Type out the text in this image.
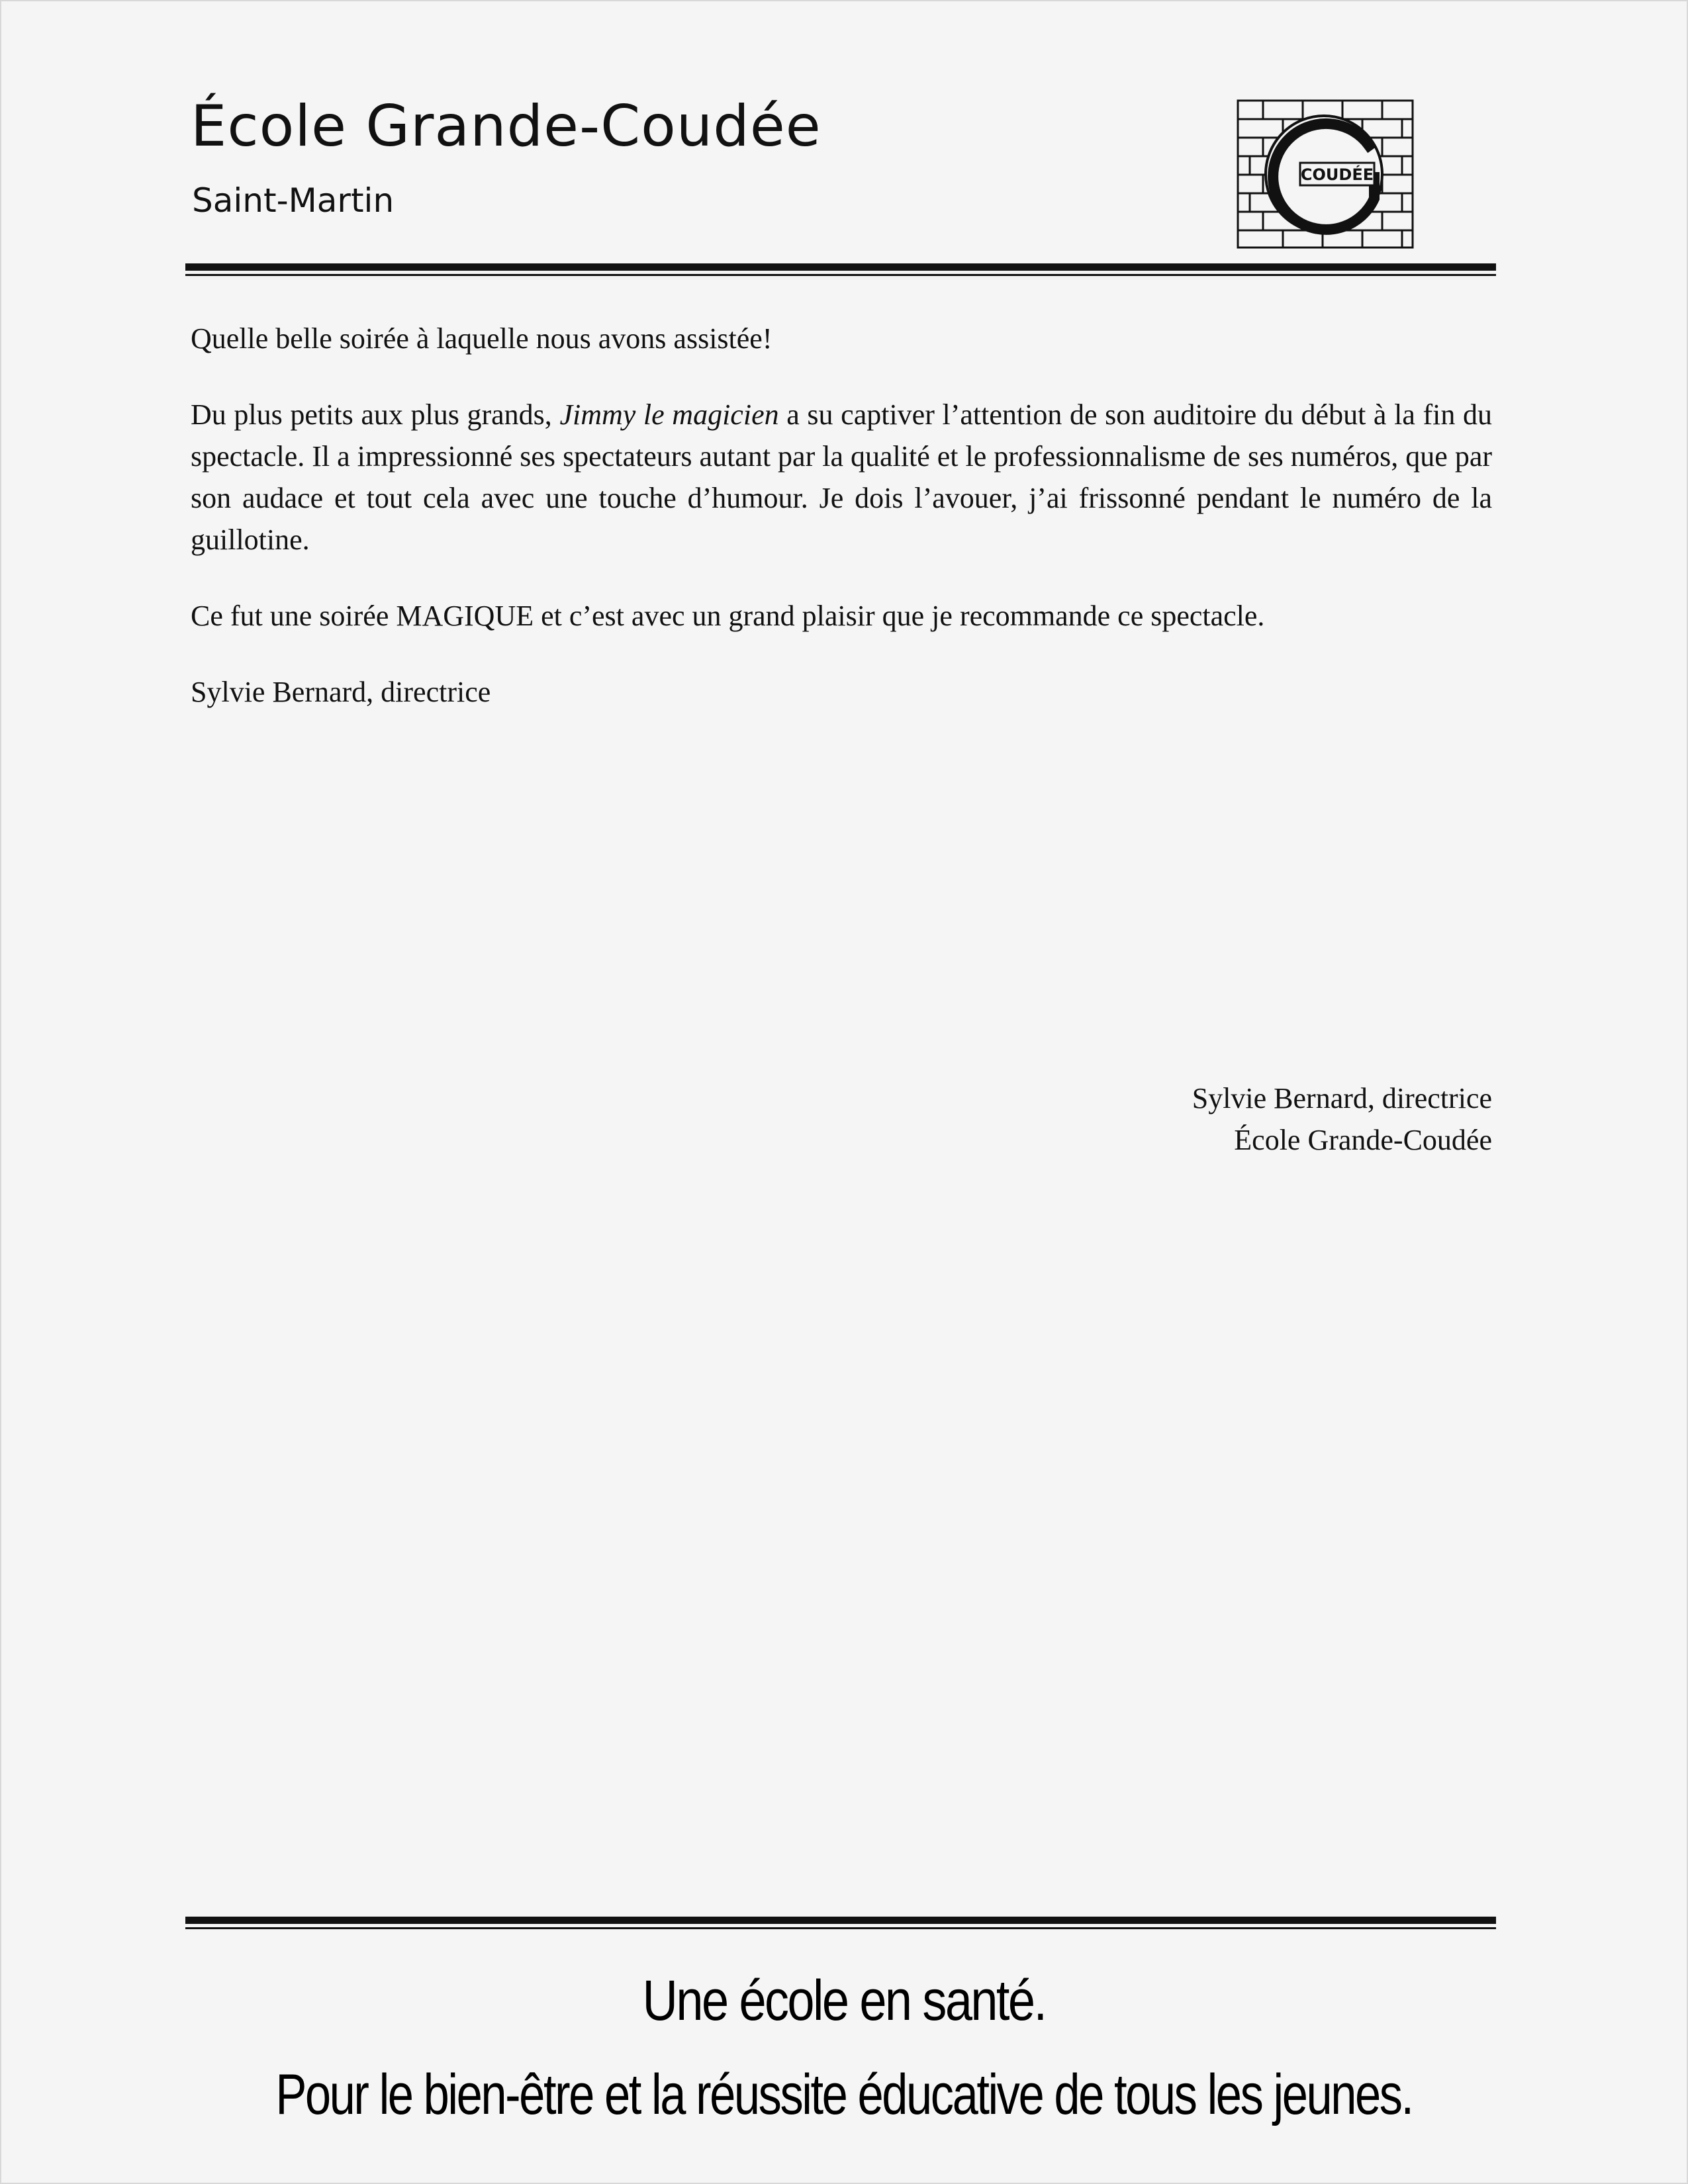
École Grande-Coudée
Saint-Martin
COUDÉE

Quelle belle soirée à laquelle nous avons assistée!

Du plus petits aux plus grands, Jimmy le magicien a su captiver l’attention de son auditoire du début à la fin du spectacle. Il a impressionné ses spectateurs autant par la qualité et le professionnalisme de ses numéros, que par son audace et tout cela avec une touche d’humour. Je dois l’avouer, j’ai frissonné pendant le numéro de la guillotine.

Ce fut une soirée MAGIQUE et c’est avec un grand plaisir que je recommande ce spectacle.

Sylvie Bernard, directrice

Sylvie Bernard, directrice
École Grande-Coudée
Une école en santé.
Pour le bien-être et la réussite éducative de tous les jeunes.
